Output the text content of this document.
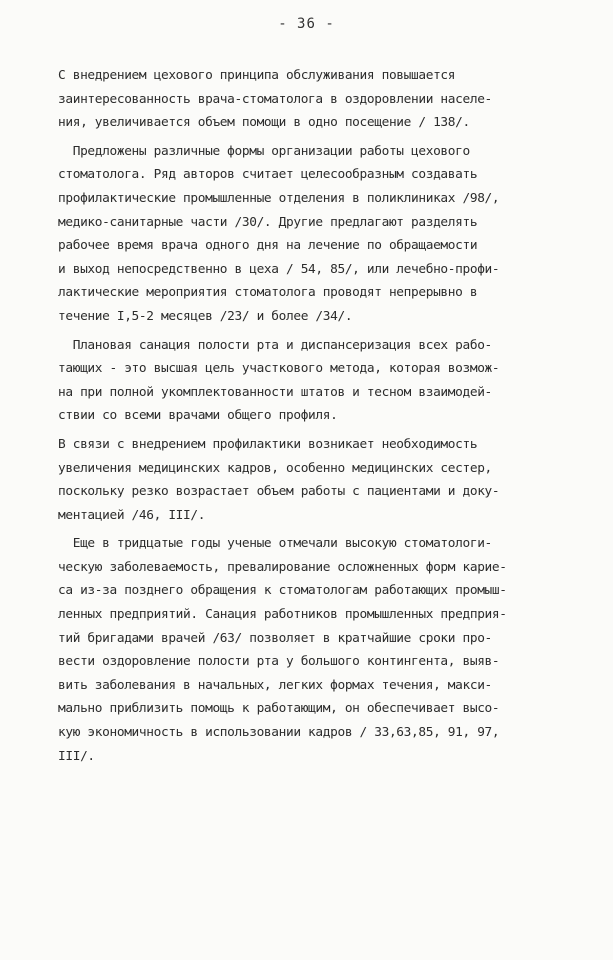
- 36 -
С внедрением цехового принципа обслуживания повышается
заинтересованность врача-стоматолога в оздоровлении населе-
ния, увеличивается объем помощи в одно посещение / 138/.
Предложены различные формы организации работы цехового
стоматолога. Ряд авторов считает целесообразным создавать
профилактические промышленные отделения в поликлиниках /98/,
медико-санитарные части /30/. Другие предлагают разделять
рабочее время врача одного дня на лечение по обращаемости
и выход непосредственно в цеха / 54, 85/, или лечебно-профи-
лактические мероприятия стоматолога проводят непрерывно в
течение I,5-2 месяцев /23/ и более /34/.
Плановая санация полости рта и диспансеризация всех рабо-
тающих - это высшая цель участкового метода, которая возмож-
на при полной укомплектованности штатов и тесном взаимодей-
ствии со всеми врачами общего профиля.
В связи с внедрением профилактики возникает необходимость
увеличения медицинских кадров, особенно медицинских сестер,
поскольку резко возрастает объем работы с пациентами и доку-
ментацией /46, III/.
Еще в тридцатые годы ученые отмечали высокую стоматологи-
ческую заболеваемость, превалирование осложненных форм карие-
са из-за позднего обращения к стоматологам работающих промыш-
ленных предприятий. Санация работников промышленных предприя-
тий бригадами врачей /63/ позволяет в кратчайшие сроки про-
вести оздоровление полости рта у большого контингента, выяв-
вить заболевания в начальных, легких формах течения, макси-
мально приблизить помощь к работающим, он обеспечивает высо-
кую экономичность в использовании кадров / 33,63,85, 91, 97,
III/.
